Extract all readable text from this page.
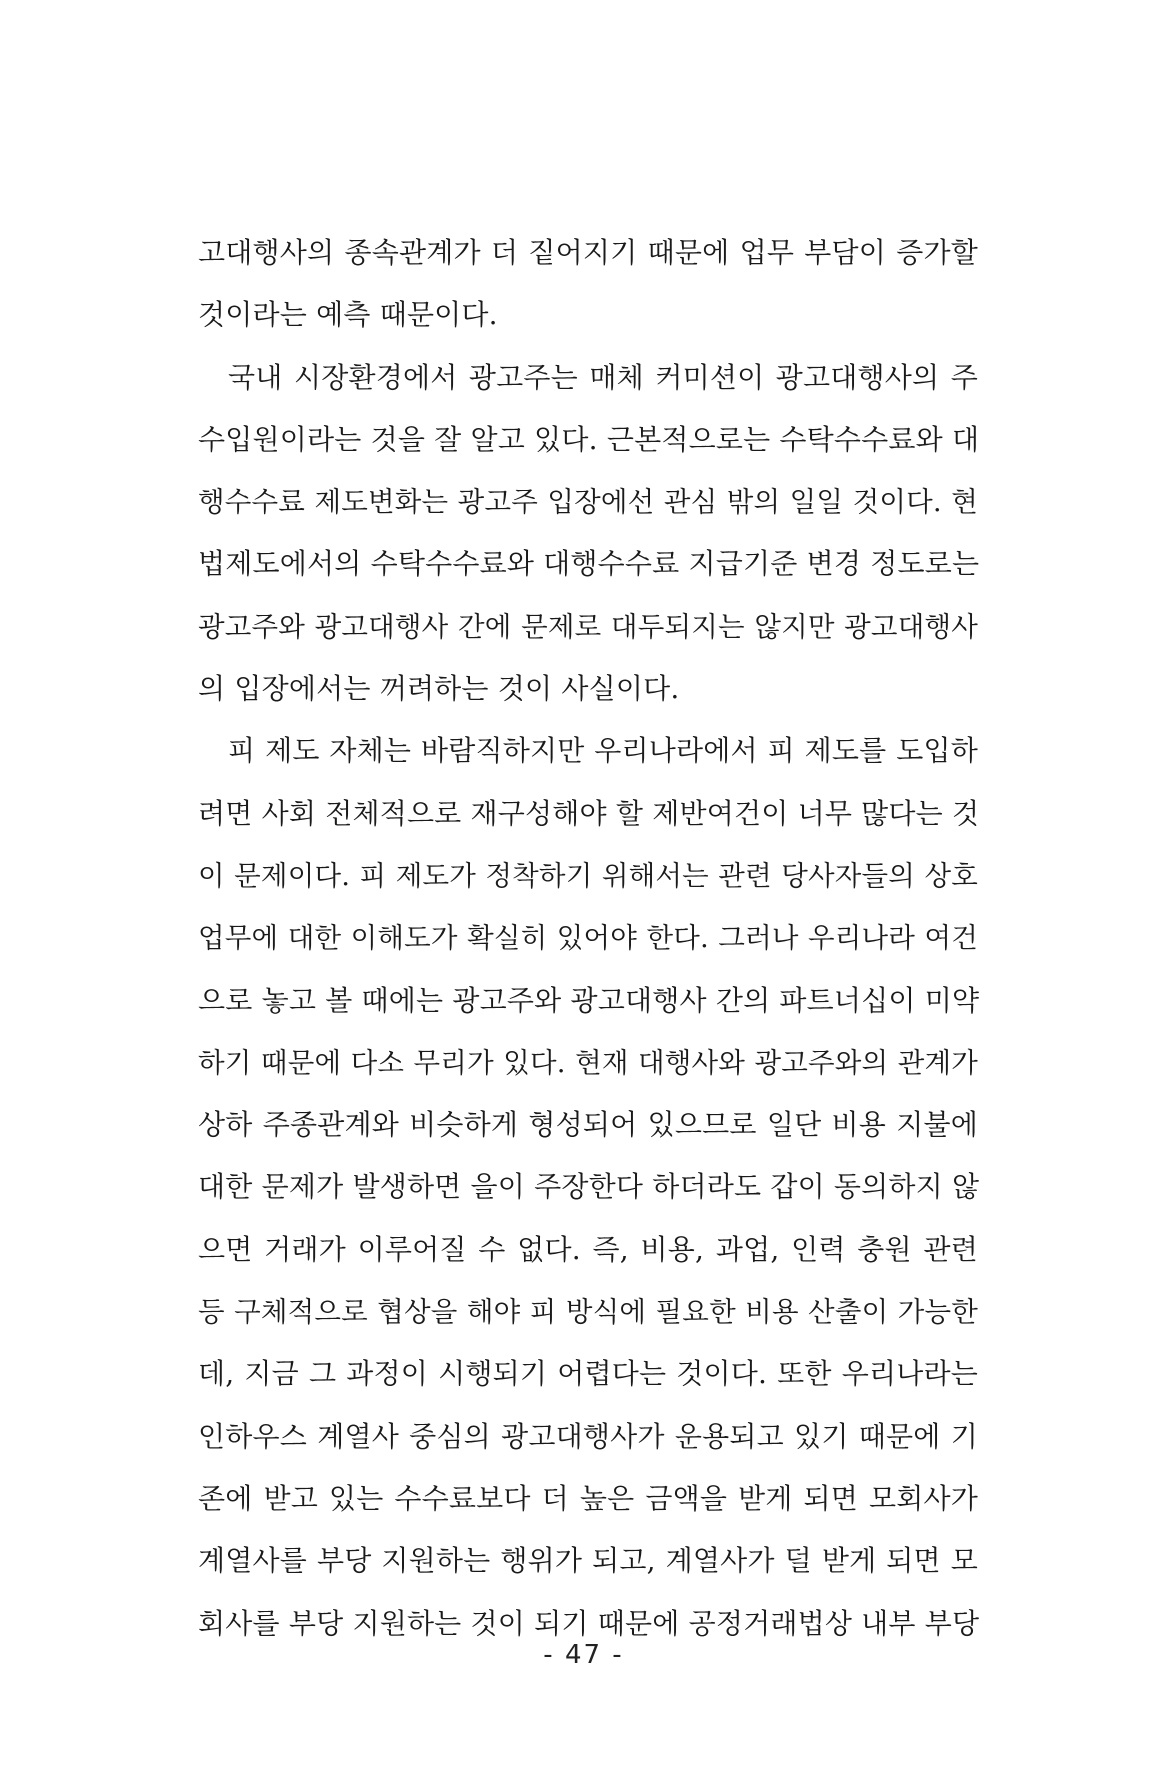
고대행사의 종속관계가 더 짙어지기 때문에 업무 부담이 증가할
것이라는 예측 때문이다.
국내 시장환경에서 광고주는 매체 커미션이 광고대행사의 주
수입원이라는 것을 잘 알고 있다. 근본적으로는 수탁수수료와 대
행수수료 제도변화는 광고주 입장에선 관심 밖의 일일 것이다. 현
법제도에서의 수탁수수료와 대행수수료 지급기준 변경 정도로는
광고주와 광고대행사 간에 문제로 대두되지는 않지만 광고대행사
의 입장에서는 꺼려하는 것이 사실이다.
피 제도 자체는 바람직하지만 우리나라에서 피 제도를 도입하
려면 사회 전체적으로 재구성해야 할 제반여건이 너무 많다는 것
이 문제이다. 피 제도가 정착하기 위해서는 관련 당사자들의 상호
업무에 대한 이해도가 확실히 있어야 한다. 그러나 우리나라 여건
으로 놓고 볼 때에는 광고주와 광고대행사 간의 파트너십이 미약
하기 때문에 다소 무리가 있다. 현재 대행사와 광고주와의 관계가
상하 주종관계와 비슷하게 형성되어 있으므로 일단 비용 지불에
대한 문제가 발생하면 을이 주장한다 하더라도 갑이 동의하지 않
으면 거래가 이루어질 수 없다. 즉, 비용, 과업, 인력 충원 관련
등 구체적으로 협상을 해야 피 방식에 필요한 비용 산출이 가능한
데, 지금 그 과정이 시행되기 어렵다는 것이다. 또한 우리나라는
인하우스 계열사 중심의 광고대행사가 운용되고 있기 때문에 기
존에 받고 있는 수수료보다 더 높은 금액을 받게 되면 모회사가
계열사를 부당 지원하는 행위가 되고, 계열사가 덜 받게 되면 모
회사를 부당 지원하는 것이 되기 때문에 공정거래법상 내부 부당
- 47 -
